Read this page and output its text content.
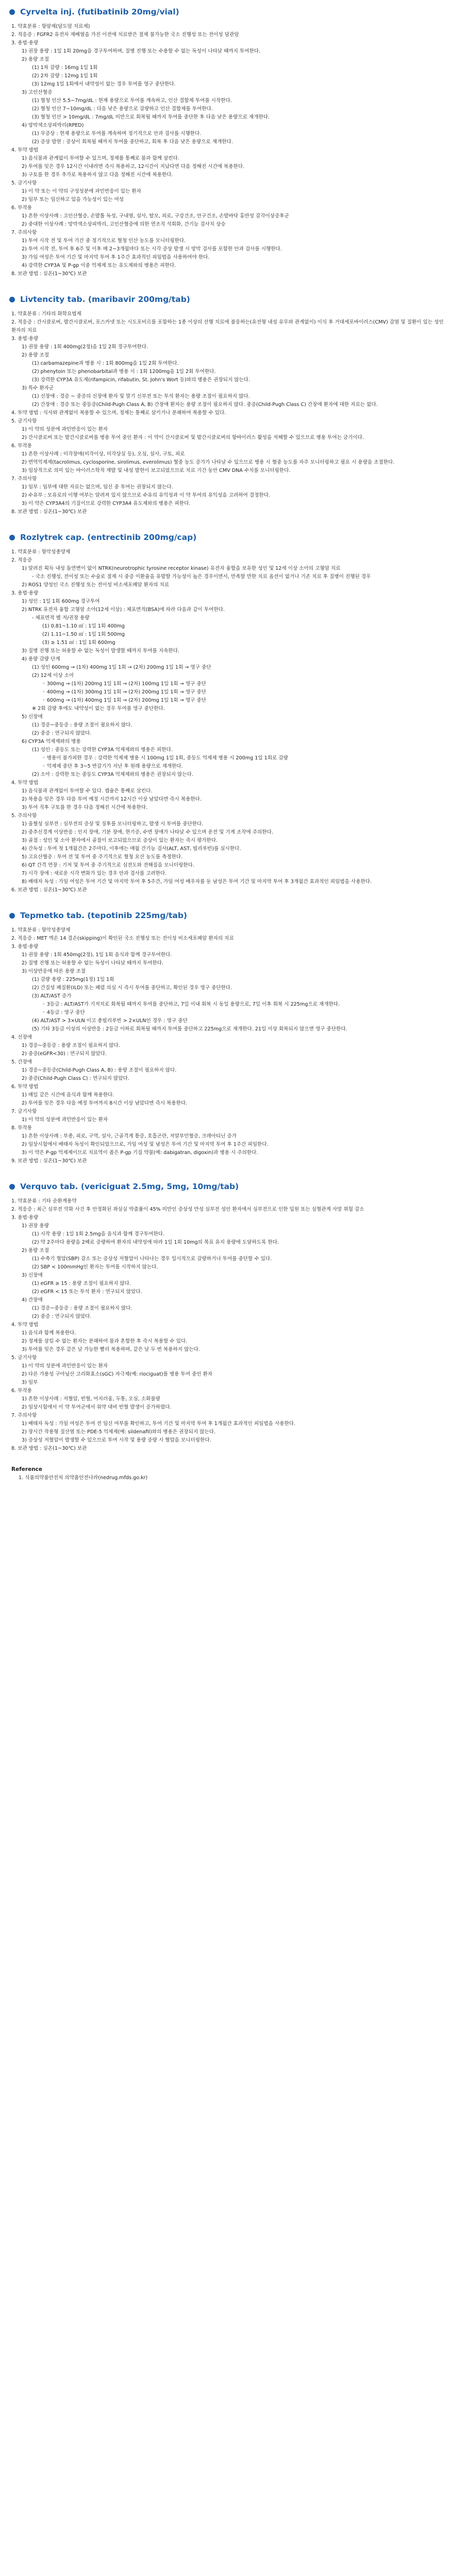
Cyrvelta inj. (futibatinib 20mg/vial)
1. 약효분류 : 항암제(담도암 치료제)
2. 적응증 : FGFR2 유전자 재배열을 가진 이전에 치료받은 절제 불가능한 국소 진행성 또는 전이성 담관암
3. 용법·용량
1) 권장 용량 : 1일 1회 20mg을 경구투여하며, 질병 진행 또는 수용할 수 없는 독성이 나타날 때까지 투여한다.
2) 용량 조절
(1) 1차 감량 : 16mg 1일 1회
(2) 2차 감량 : 12mg 1일 1회
(3) 12mg 1일 1회에서 내약성이 없는 경우 투여를 영구 중단한다.
3) 고인산혈증
(1) 혈청 인산 5.5~7mg/dL : 현재 용량으로 투여를 계속하고, 인산 결합제 투여를 시작한다.
(2) 혈청 인산 7~10mg/dL : 다음 낮은 용량으로 감량하고 인산 결합제를 투여한다.
(3) 혈청 인산 > 10mg/dL : 7mg/dL 미만으로 회복될 때까지 투여를 중단한 후 다음 낮은 용량으로 재개한다.
4) 망막색소상피박리(RPED)
(1) 무증상 : 현재 용량으로 투여를 계속하며 정기적으로 안과 검사를 시행한다.
(2) 증상 발현 : 증상이 회복될 때까지 투여를 중단하고, 회복 후 다음 낮은 용량으로 재개한다.
4. 투약 방법
1) 음식물과 관계없이 투여할 수 있으며, 정제를 통째로 물과 함께 삼킨다.
2) 투여를 잊은 경우 12시간 이내라면 즉시 복용하고, 12시간이 지났다면 다음 정해진 시간에 복용한다.
3) 구토를 한 경우 추가로 복용하지 않고 다음 정해진 시간에 복용한다.
5. 금기사항
1) 이 약 또는 이 약의 구성성분에 과민반응이 있는 환자
2) 임부 또는 임신하고 있을 가능성이 있는 여성
6. 부작용
1) 흔한 이상사례 : 고인산혈증, 손발톱 독성, 구내염, 설사, 탈모, 피로, 구강건조, 안구건조, 손발바닥 홍반성 감각이상증후군
2) 중대한 이상사례 : 망막색소상피박리, 고인산혈증에 의한 연조직 석회화, 간기능 검사치 상승
7. 주의사항
1) 투여 시작 전 및 투여 기간 중 정기적으로 혈청 인산 농도를 모니터링한다.
2) 투여 시작 전, 투여 후 6주 및 이후 매 2~3개월마다 또는 시각 증상 발생 시 망막 검사를 포함한 안과 검사를 시행한다.
3) 가임 여성은 투여 기간 및 마지막 투여 후 1주간 효과적인 피임법을 사용하여야 한다.
4) 강력한 CYP3A 및 P-gp 이중 억제제 또는 유도제와의 병용은 피한다.
8. 보관 방법 : 실온(1~30℃) 보관
Livtencity tab. (maribavir 200mg/tab)
1. 약효분류 : 기타의 화학요법제
2. 적응증 : 간시클로버, 발간시클로버, 포스카넷 또는 시도포비르를 포함하는 1종 이상의 선행 치료에 불응하는(유전형 내성 유무와 관계없이) 이식 후 거대세포바이러스(CMV) 감염 및 질환이 있는 성인 환자의 치료
3. 용법·용량
1) 권장 용량 : 1회 400mg(2정)을 1일 2회 경구투여한다.
2) 용량 조절
(1) carbamazepine과 병용 시 : 1회 800mg을 1일 2회 투여한다.
(2) phenytoin 또는 phenobarbital과 병용 시 : 1회 1200mg을 1일 2회 투여한다.
(3) 강력한 CYP3A 유도제(rifampicin, rifabutin, St. John's Wort 등)와의 병용은 권장되지 않는다.
3) 특수 환자군
(1) 신장애 : 경증 ~ 중증의 신장애 환자 및 말기 신부전 또는 투석 환자는 용량 조절이 필요하지 않다.
(2) 간장애 : 경증 또는 중등증(Child-Pugh Class A, B) 간장애 환자는 용량 조절이 필요하지 않다. 중증(Child-Pugh Class C) 간장애 환자에 대한 자료는 없다.
4. 투약 방법 : 식사와 관계없이 복용할 수 있으며, 정제는 통째로 삼키거나 분쇄하여 복용할 수 있다.
5. 금기사항
1) 이 약의 성분에 과민반응이 있는 환자
2) 간시클로버 또는 발간시클로버를 병용 투여 중인 환자 : 이 약이 간시클로버 및 발간시클로버의 항바이러스 활성을 저해할 수 있으므로 병용 투여는 금기이다.
6. 부작용
1) 흔한 이상사례 : 미각장애(미각이상, 미각상실 등), 오심, 설사, 구토, 피로
2) 면역억제제(tacrolimus, cyclosporine, sirolimus, everolimus) 혈중 농도 증가가 나타날 수 있으므로 병용 시 혈중 농도를 자주 모니터링하고 필요 시 용량을 조절한다.
3) 임상적으로 의미 있는 바이러스학적 재발 및 내성 발현이 보고되었으므로 치료 기간 동안 CMV DNA 수치를 모니터링한다.
7. 주의사항
1) 임부 : 임부에 대한 자료는 없으며, 임신 중 투여는 권장되지 않는다.
2) 수유부 : 모유로의 이행 여부는 알려져 있지 않으므로 수유의 유익성과 이 약 투여의 유익성을 고려하여 결정한다.
3) 이 약은 CYP3A4의 기질이므로 강력한 CYP3A4 유도제와의 병용은 피한다.
8. 보관 방법 : 실온(1~30℃) 보관
Rozlytrek cap. (entrectinib 200mg/cap)
1. 약효분류 : 항악성종양제
2. 적응증
1) 알려진 획득 내성 돌연변이 없이 NTRK(neurotrophic tyrosine receptor kinase) 유전자 융합을 보유한 성인 및 12세 이상 소아의 고형암 치료
- 국소 진행성, 전이성 또는 수술로 절제 시 중증 이환율을 유발할 가능성이 높은 경우이면서, 만족할 만한 치료 옵션이 없거나 기존 치료 후 질병이 진행된 경우
2) ROS1 양성인 국소 진행성 또는 전이성 비소세포폐암 환자의 치료
3. 용법·용량
1) 성인 : 1일 1회 600mg 경구투여
2) NTRK 유전자 융합 고형암 소아(12세 이상) : 체표면적(BSA)에 따라 다음과 같이 투여한다.
- 체표면적 별 저/권장 용량
(1) 0.81~1.10 ㎡ : 1일 1회 400mg
(2) 1.11~1.50 ㎡ : 1일 1회 500mg
(3) ≥ 1.51 ㎡ : 1일 1회 600mg
3) 질병 진행 또는 허용할 수 없는 독성이 발생할 때까지 투여를 지속한다.
4) 용량 감량 단계
(1) 성인 600mg → (1차) 400mg 1일 1회 → (2차) 200mg 1일 1회 → 영구 중단
(2) 12세 이상 소아
◦ 300mg → (1차) 200mg 1일 1회 → (2차) 100mg 1일 1회 → 영구 중단
◦ 400mg → (1차) 300mg 1일 1회 → (2차) 200mg 1일 1회 → 영구 중단
◦ 600mg → (1차) 400mg 1일 1회 → (2차) 200mg 1일 1회 → 영구 중단
※ 2회 감량 후에도 내약성이 없는 경우 투여를 영구 중단한다.
5) 신장애
(1) 경증~중등증 : 용량 조절이 필요하지 않다.
(2) 중증 : 연구되지 않았다.
6) CYP3A 억제제와의 병용
(1) 성인 : 중등도 또는 강력한 CYP3A 억제제와의 병용은 피한다.
◦ 병용이 불가피한 경우 : 강력한 억제제 병용 시 100mg 1일 1회, 중등도 억제제 병용 시 200mg 1일 1회로 감량
◦ 억제제 중단 후 3~5 반감기가 지난 후 원래 용량으로 재개한다.
(2) 소아 : 강력한 또는 중등도 CYP3A 억제제와의 병용은 권장되지 않는다.
4. 투약 방법
1) 음식물과 관계없이 투여할 수 있다. 캡슐은 통째로 삼킨다.
2) 복용을 잊은 경우 다음 투여 예정 시간까지 12시간 이상 남았다면 즉시 복용한다.
3) 투여 직후 구토를 한 경우 다음 정해진 시간에 복용한다.
5. 주의사항
1) 울혈성 심부전 : 심부전의 증상 및 징후를 모니터링하고, 발생 시 투여를 중단한다.
2) 중추신경계 이상반응 : 인지 장애, 기분 장애, 현기증, 수면 장애가 나타날 수 있으며 운전 및 기계 조작에 주의한다.
3) 골절 : 성인 및 소아 환자에서 골절이 보고되었으므로 증상이 있는 환자는 즉시 평가한다.
4) 간독성 : 투여 첫 1개월간은 2주마다, 이후에는 매월 간기능 검사(ALT, AST, 빌리루빈)를 실시한다.
5) 고요산혈증 : 투여 전 및 투여 중 주기적으로 혈청 요산 농도를 측정한다.
6) QT 간격 연장 : 기저 및 투여 중 주기적으로 심전도와 전해질을 모니터링한다.
7) 시각 장애 : 새로운 시각 변화가 있는 경우 안과 검사를 고려한다.
8) 배태자 독성 : 가임 여성은 투여 기간 및 마지막 투여 후 5주간, 가임 여성 배우자를 둔 남성은 투여 기간 및 마지막 투여 후 3개월간 효과적인 피임법을 사용한다.
6. 보관 방법 : 실온(1~30℃) 보관
Tepmetko tab. (tepotinib 225mg/tab)
1. 약효분류 : 항악성종양제
2. 적응증 : MET 엑손 14 결손(skipping)이 확인된 국소 진행성 또는 전이성 비소세포폐암 환자의 치료
3. 용법·용량
1) 권장 용량 : 1회 450mg(2정), 1일 1회 음식과 함께 경구투여한다.
2) 질병 진행 또는 허용할 수 없는 독성이 나타날 때까지 투여한다.
3) 이상반응에 따른 용량 조절
(1) 감량 용량 : 225mg(1정) 1일 1회
(2) 간질성 폐질환(ILD) 또는 폐렴 의심 시 즉시 투여를 중단하고, 확인된 경우 영구 중단한다.
(3) ALT/AST 증가
◦ 3등급 : ALT/AST가 기저치로 회복될 때까지 투여를 중단하고, 7일 이내 회복 시 동일 용량으로, 7일 이후 회복 시 225mg으로 재개한다.
◦ 4등급 : 영구 중단
(4) ALT/AST > 3×ULN 이고 총빌리루빈 > 2×ULN인 경우 : 영구 중단
(5) 기타 3등급 이상의 이상반응 : 2등급 이하로 회복될 때까지 투여를 중단하고 225mg으로 재개한다. 21일 이상 회복되지 않으면 영구 중단한다.
4. 신장애
1) 경증~중등증 : 용량 조절이 필요하지 않다.
2) 중증(eGFR<30) : 연구되지 않았다.
5. 간장애
1) 경증~중등증(Child-Pugh Class A, B) : 용량 조절이 필요하지 않다.
2) 중증(Child-Pugh Class C) : 연구되지 않았다.
6. 투약 방법
1) 매일 같은 시간에 음식과 함께 복용한다.
2) 투여를 잊은 경우 다음 예정 투여까지 8시간 이상 남았다면 즉시 복용한다.
7. 금기사항
1) 이 약의 성분에 과민반응이 있는 환자
8. 부작용
1) 흔한 이상사례 : 부종, 피로, 구역, 설사, 근골격계 통증, 호흡곤란, 저알부민혈증, 크레아티닌 증가
2) 임상시험에서 배태자 독성이 확인되었으므로, 가임 여성 및 남성은 투여 기간 및 마지막 투여 후 1주간 피임한다.
3) 이 약은 P-gp 억제제이므로 치료역이 좁은 P-gp 기질 약물(예: dabigatran, digoxin)과 병용 시 주의한다.
9. 보관 방법 : 실온(1~30℃) 보관
Verquvo tab. (vericiguat 2.5mg, 5mg, 10mg/tab)
1. 약효분류 : 기타 순환계용약
2. 적응증 : 최근 심부전 악화 사건 후 안정화된 좌심실 박출률이 45% 미만인 증상성 만성 심부전 성인 환자에서 심부전으로 인한 입원 또는 심혈관계 사망 위험 감소
3. 용법·용량
1) 권장 용량
(1) 시작 용량 : 1일 1회 2.5mg을 음식과 함께 경구투여한다.
(2) 약 2주마다 용량을 2배로 증량하여 환자의 내약성에 따라 1일 1회 10mg의 목표 유지 용량에 도달하도록 한다.
2) 용량 조절
(1) 수축기 혈압(SBP) 감소 또는 증상성 저혈압이 나타나는 경우 일시적으로 감량하거나 투여를 중단할 수 있다.
(2) SBP < 100mmHg인 환자는 투여를 시작하지 않는다.
3) 신장애
(1) eGFR ≥ 15 : 용량 조절이 필요하지 않다.
(2) eGFR < 15 또는 투석 환자 : 연구되지 않았다.
4) 간장애
(1) 경증~중등증 : 용량 조절이 필요하지 않다.
(2) 중증 : 연구되지 않았다.
4. 투약 방법
1) 음식과 함께 복용한다.
2) 정제를 삼킬 수 없는 환자는 분쇄하여 물과 혼합한 후 즉시 복용할 수 있다.
3) 투여를 잊은 경우 같은 날 가능한 빨리 복용하며, 같은 날 두 번 복용하지 않는다.
5. 금기사항
1) 이 약의 성분에 과민반응이 있는 환자
2) 다른 가용성 구아닐산 고리화효소(sGC) 자극제(예: riociguat)를 병용 투여 중인 환자
3) 임부
6. 부작용
1) 흔한 이상사례 : 저혈압, 빈혈, 어지러움, 두통, 오심, 소화불량
2) 임상시험에서 이 약 투여군에서 위약 대비 빈혈 발생이 증가하였다.
7. 주의사항
1) 배태자 독성 : 가임 여성은 투여 전 임신 여부를 확인하고, 투여 기간 및 마지막 투여 후 1개월간 효과적인 피임법을 사용한다.
2) 장시간 작용형 질산염 또는 PDE-5 억제제(예: sildenafil)와의 병용은 권장되지 않는다.
3) 증상성 저혈압이 발생할 수 있으므로 투여 시작 및 용량 증량 시 혈압을 모니터링한다.
8. 보관 방법 : 실온(1~30℃) 보관
Reference
1. 식품의약품안전처 의약품안전나라(nedrug.mfds.go.kr)
